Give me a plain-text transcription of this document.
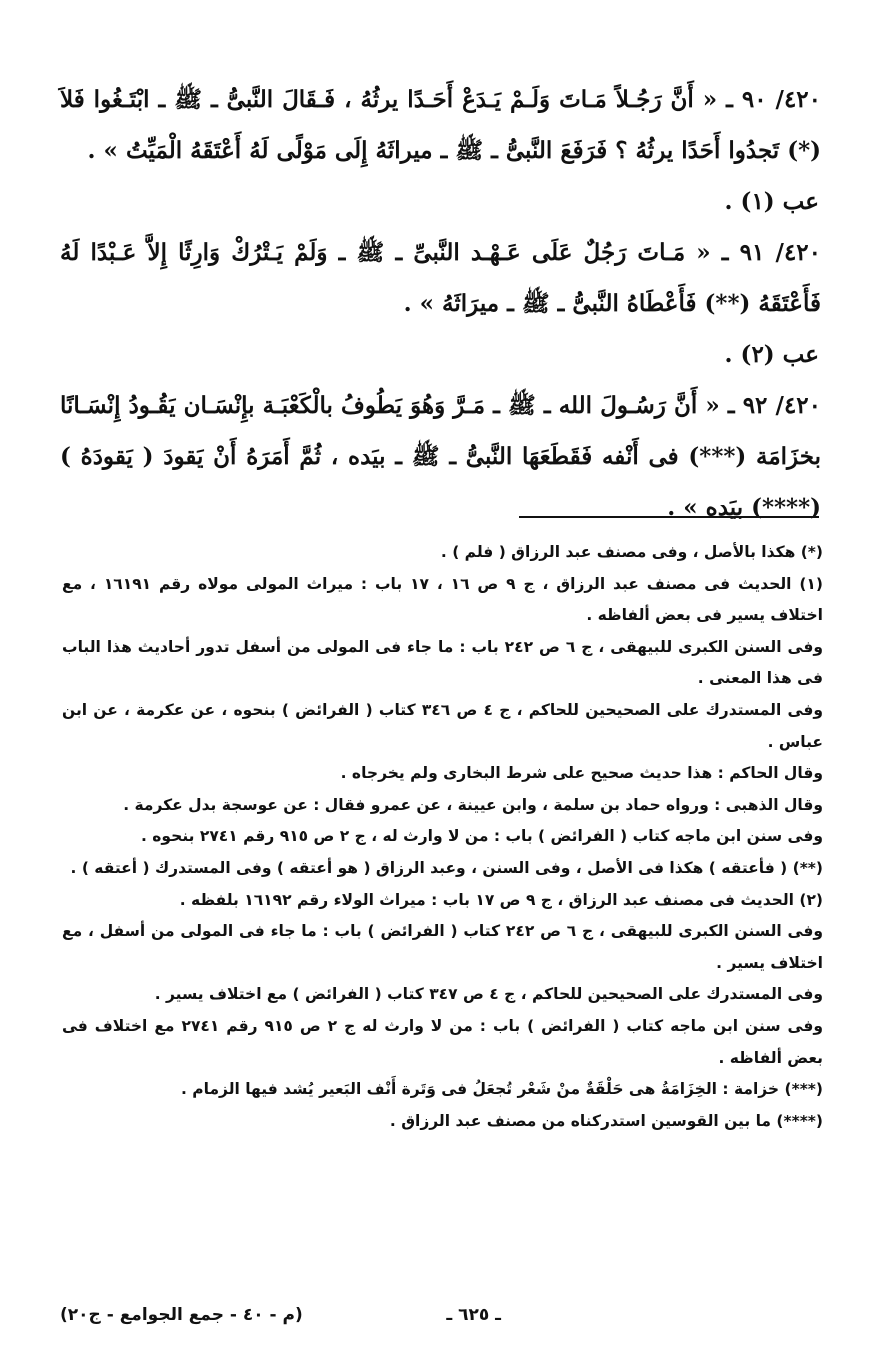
٤٢٠/ ٩٠ ـ « أَنَّ رَجُـلاً مَـاتَ وَلَـمْ يَـدَعْ أَحَـدًا يرثُهُ ، فَـقَالَ النَّبىُّ ـ ﷺ ـ ابْتَـغُوا فَلاَ (*) تَجدُوا أَحَدًا يرثُهُ ؟ فَرَفَعَ النَّبىُّ ـ ﷺ ـ ميراثَهُ إِلَى مَوْلًى لَهُ أَعْتَقَهُ الْمَيِّتُ » .

عب (١) .

٤٢٠/ ٩١ ـ « مَـاتَ رَجُلٌ عَلَى عَـهْـد النَّبىِّ ـ ﷺ ـ وَلَمْ يَـتْرُكْ وَارِثًا إِلاَّ عَـبْدًا لَهُ فَأَعْتَقَهُ (**) فَأَعْطَاهُ النَّبىُّ ـ ﷺ ـ ميرَاثَهُ » .

عب (٢) .

٤٢٠/ ٩٢ ـ « أَنَّ رَسُـولَ الله ـ ﷺ ـ مَـرَّ وَهُوَ يَطُوفُ بالْكَعْبَـة بإِنْسَـان يَقُـودُ إِنْسَـانًا بخزَامَة (***) فى أَنْفه فَقَطَعَهَا النَّبىُّ ـ ﷺ ـ بيَده ، ثُمَّ أَمَرَهُ أَنْ يَقودَ ( يَقودَهُ ) (****) بيَده » .

(*) هكذا بالأصل ، وفى مصنف عبد الرزاق ( فلم ) .

(١) الحديث فى مصنف عبد الرزاق ، ج ٩ ص ١٦ ، ١٧ باب : ميراث المولى مولاه رقم ١٦١٩١ ، مع اختلاف يسير فى بعض ألفاظه .

وفى السنن الكبرى للبيهقى ، ج ٦ ص ٢٤٢ باب : ما جاء فى المولى من أسفل تدور أحاديث هذا الباب فى هذا المعنى .

وفى المستدرك على الصحيحين للحاكم ، ج ٤ ص ٣٤٦ كتاب ( الفرائض ) بنحوه ، عن عكرمة ، عن ابن عباس .

وقال الحاكم : هذا حديث صحيح على شرط البخارى ولم يخرجاه .

وقال الذهبى : ورواه حماد بن سلمة ، وابن عيينة ، عن عمرو فقال : عن عوسجة بدل عكرمة .

وفى سنن ابن ماجه كتاب ( الفرائض ) باب : من لا وارث له ، ج ٢ ص ٩١٥ رقم ٢٧٤١ بنحوه .

(**) ( فأعتقه ) هكذا فى الأصل ، وفى السنن ، وعبد الرزاق ( هو أعتقه ) وفى المستدرك ( أعتقه ) .

(٢) الحديث فى مصنف عبد الرزاق ، ج ٩ ص ١٧ باب : ميراث الولاء رقم ١٦١٩٢ بلفظه .

وفى السنن الكبرى للبيهقى ، ج ٦ ص ٢٤٢ كتاب ( الفرائض ) باب : ما جاء فى المولى من أسفل ، مع اختلاف يسير .

وفى المستدرك على الصحيحين للحاكم ، ج ٤ ص ٣٤٧ كتاب ( الفرائض ) مع اختلاف يسير .

وفى سنن ابن ماجه كتاب ( الفرائض ) باب : من لا وارث له ج ٢ ص ٩١٥ رقم ٢٧٤١ مع اختلاف فى بعض ألفاظه .

(***) خزامة : الخِزَامَةُ هى حَلْقَةٌ منْ شَعْر تُجعَلُ فى وَتَرة أَنْف البَعير يُشد فيها الزمام .

(****) ما بين القوسين استدركناه من مصنف عبد الرزاق .

ـ ٦٢٥ ـ
(م - ٤٠ - جمع الجوامع - ج٢٠)
